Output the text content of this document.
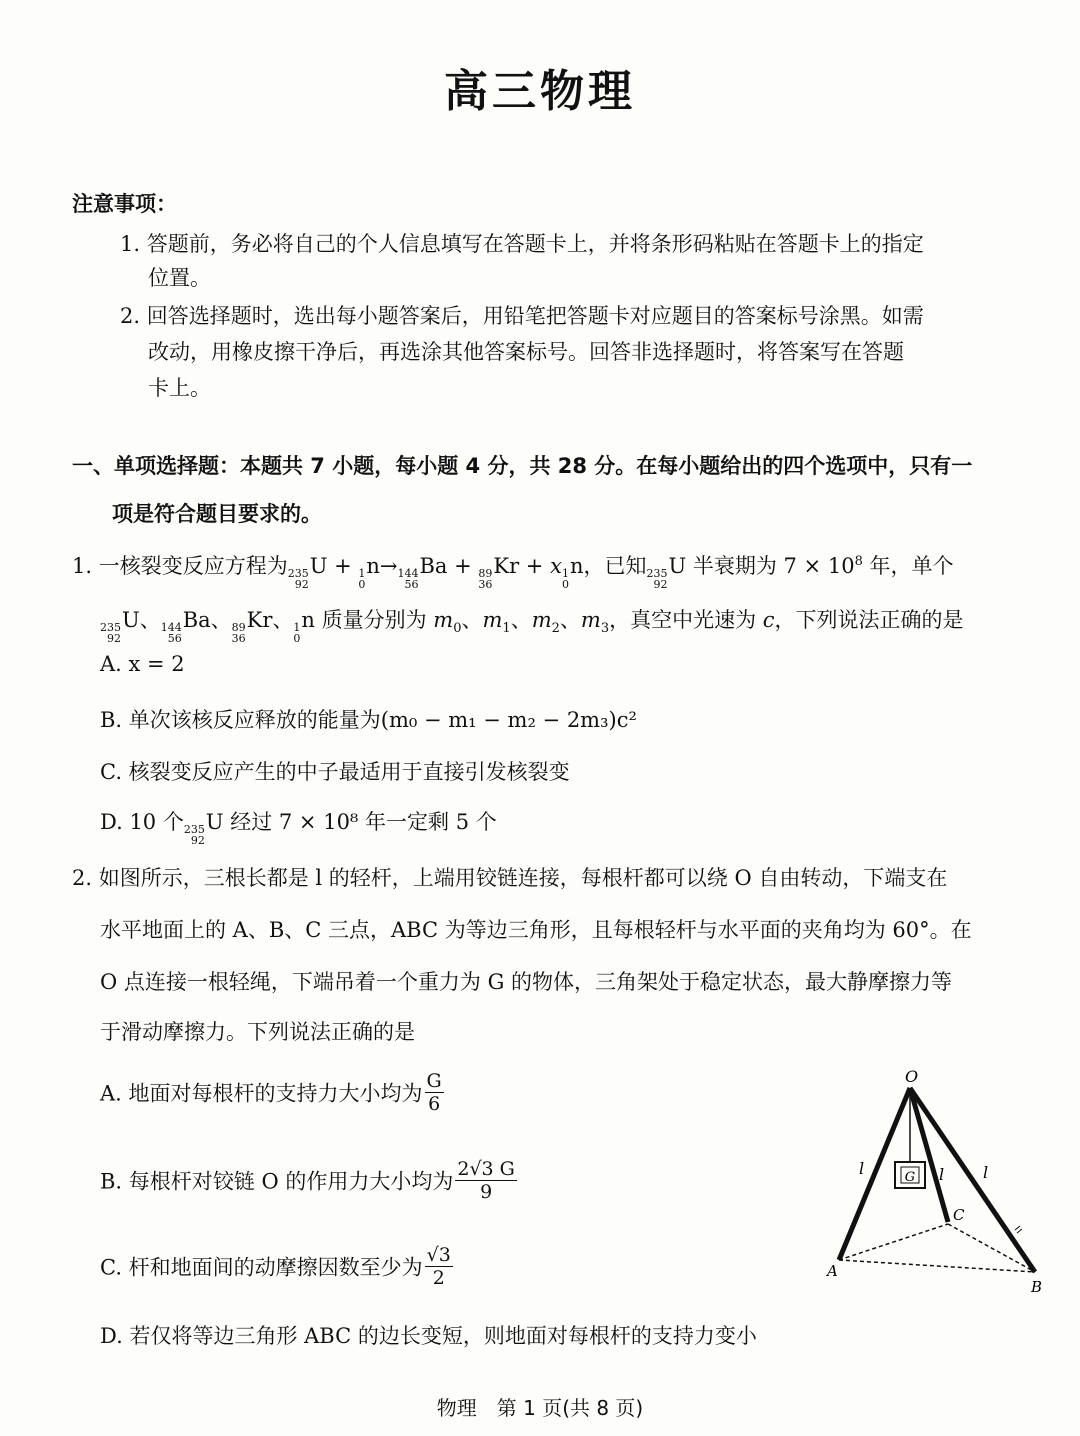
高三物理
注意事项：
1. 答题前，务必将自己的个人信息填写在答题卡上，并将条形码粘贴在答题卡上的指定
位置。
2. 回答选择题时，选出每小题答案后，用铅笔把答题卡对应题目的答案标号涂黑。如需
改动，用橡皮擦干净后，再选涂其他答案标号。回答非选择题时，将答案写在答题
卡上。
一、单项选择题：本题共 7 小题，每小题 4 分，共 28 分。在每小题给出的四个选项中，只有一
项是符合题目要求的。
1. 一核裂变反应方程为 235
92
U + 1
0
n→ 144
56
Ba + 89
36
Kr + x 1
0
n，已知 235
92
U 半衰期为 $7 \times 10^8$ 年，单个
235
92
U、 144
56
Ba、 89
36
Kr、 1
0
n 质量分别为 $m_0$、$m_1$、$m_2$、$m_3$，真空中光速为 c，下列说法正确的是
A. x = 2
B. 单次该核反应释放的能量为(m₀ − m₁ − m₂ − 2m₃)c²
C. 核裂变反应产生的中子最适用于直接引发核裂变
D. 10 个 235
92
U 经过 7 × 10⁸ 年一定剩 5 个
2. 如图所示，三根长都是 l 的轻杆，上端用铰链连接，每根杆都可以绕 O 自由转动，下端支在
水平地面上的 A、B、C 三点，ABC 为等边三角形，且每根轻杆与水平面的夹角均为 60°。在
O 点连接一根轻绳，下端吊着一个重力为 G 的物体，三角架处于稳定状态，最大静摩擦力等
于滑动摩擦力。下列说法正确的是
A. 地面对每根杆的支持力大小均为 $\frac{G}{6}$
B. 每根杆对铰链 O 的作用力大小均为 $\frac{2√3 G}{9}$
C. 杆和地面间的动摩擦因数至少为 $\frac{√3}{2}$
D. 若仅将等边三角形 ABC 的边长变短，则地面对每根杆的支持力变小
G
O
A
B
C
l	l l
物理　第 1 页(共 8 页)
